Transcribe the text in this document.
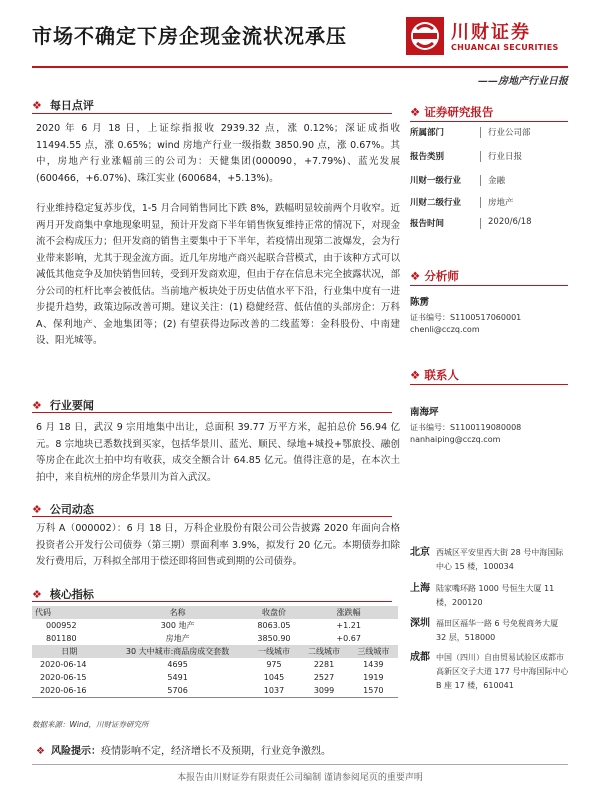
市场不确定下房企现金流状况承压	川财证券
CHUANCAI SECURITIES
——房地产行业日报
❖ 每日点评
2020 年 6 月 18 日，上证综指报收 2939.32 点，涨 0.12%；深证成指收 11494.55 点，涨 0.65%；wind 房地产行业一级指数 3850.90 点，涨 0.67%。其中，房地产行业涨幅前三的公司为：天健集团(000090，+7.79%)、蓝光发展(600466，+6.07%)、珠江实业 (600684，+5.13%)。
行业维持稳定复苏步伐，1-5 月合同销售同比下跌 8%，跌幅明显较前两个月收窄。近两月开发商集中拿地现象明显，预计开发商下半年销售恢复维持正常的情况下，对现金流不会构成压力；但开发商的销售主要集中于下半年，若疫情出现第二波爆发，会为行业带来影响，尤其于现金流方面。近几年房地产商兴起联合营模式，由于该种方式可以减低其他竞争及加快销售回转，受到开发商欢迎，但由于存在信息未完全披露状况，部分公司的杠杆比率会被低估。当前地产板块处于历史估值水平下沿，行业集中度有一进步提升趋势，政策边际改善可期。建议关注：(1) 稳健经营、低估值的头部房企：万科A、保利地产、金地集团等；(2) 有望获得边际改善的二线蓝筹：金科股份、中南建设、阳光城等。
❖ 行业要闻
6 月 18 日，武汉 9 宗用地集中出让，总面积 39.77 万平方米，起拍总价 56.94 亿元。8 宗地块已悉数找到买家，包括华景川、蓝光、顺民、绿地+城投+鄂旅投、融创等房企在此次土拍中均有收获，成交全额合计 64.85 亿元。值得注意的是，在本次土拍中，来自杭州的房企华景川为首入武汉。
❖ 公司动态
万科 A（000002）：6 月 18 日，万科企业股份有限公司公告披露 2020 年面向合格投资者公开发行公司债券（第三期）票面利率 3.9%，拟发行 20 亿元。本期债券扣除发行费用后，万科拟全部用于偿还即将回售或到期的公司债券。
❖ 核心指标
代码	名称	收盘价	涨跌幅	
000952	300 地产	8063.05	+1.21	
801180	房地产	3850.90	+0.67	
日期	30 大中城市:商品房成交套数	一线城市	二线城市	三线城市
2020-06-14	4695	975	2281	1439
2020-06-15	5491	1045	2527	1919
2020-06-16	5706	1037	3099	1570
数据来源：Wind，川财证券研究所
❖ 风险提示：疫情影响不定，经济增长不及预期，行业竞争激烈。
❖ 证券研究报告
所属部门	行业公司部
报告类别	行业日报
川财一级行业	金融
川财二级行业	房地产
报告时间	2020/6/18
❖ 分析师
陈雳
证书编号：S1100517060001
chenli@cczq.com
❖ 联系人
南海坪
证书编号：S1100119080008
nanhaiping@cczq.com
北京 西城区平安里西大街 28 号中海国际中心 15 楼，100034
上海 陆家嘴环路 1000 号恒生大厦 11 楼，200120
深圳 福田区福华一路 6 号免税商务大厦 32 层，518000
成都 中国（四川）自由贸易试验区成都市高新区交子大道 177 号中海国际中心 B 座 17 楼，610041
本报告由川财证券有限责任公司编制 谨请参阅尾页的重要声明
